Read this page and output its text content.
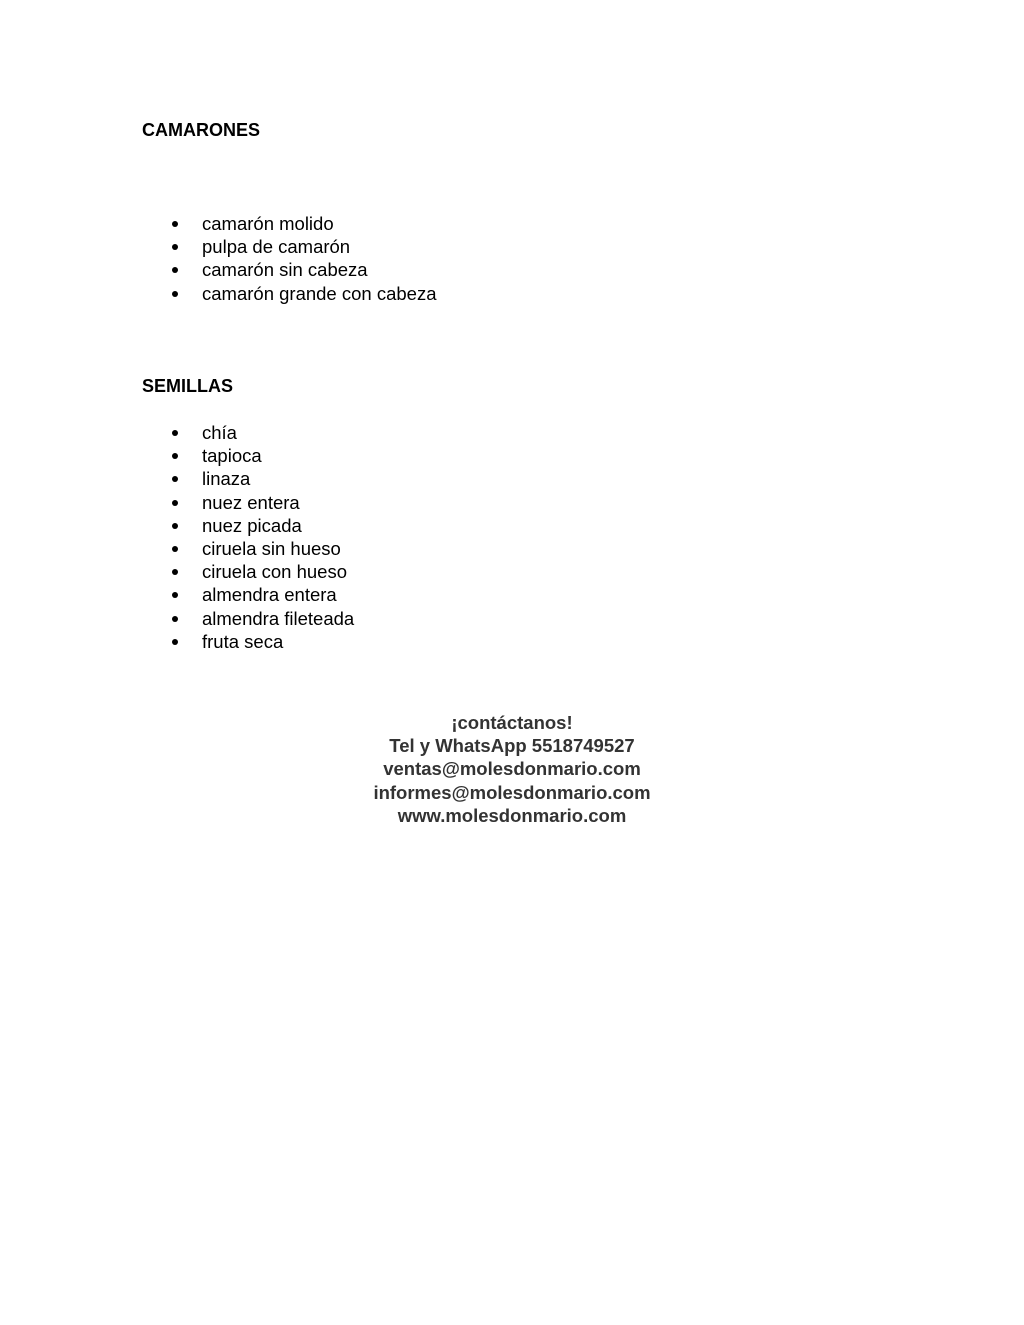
CAMARONES
camarón molido
pulpa de camarón
camarón sin cabeza
camarón grande con cabeza
SEMILLAS
chía
tapioca
linaza
nuez entera
nuez picada
ciruela sin hueso
ciruela con hueso
almendra entera
almendra fileteada
fruta seca
¡contáctanos!
Tel y WhatsApp 5518749527
ventas@molesdonmario.com
informes@molesdonmario.com
www.molesdonmario.com
